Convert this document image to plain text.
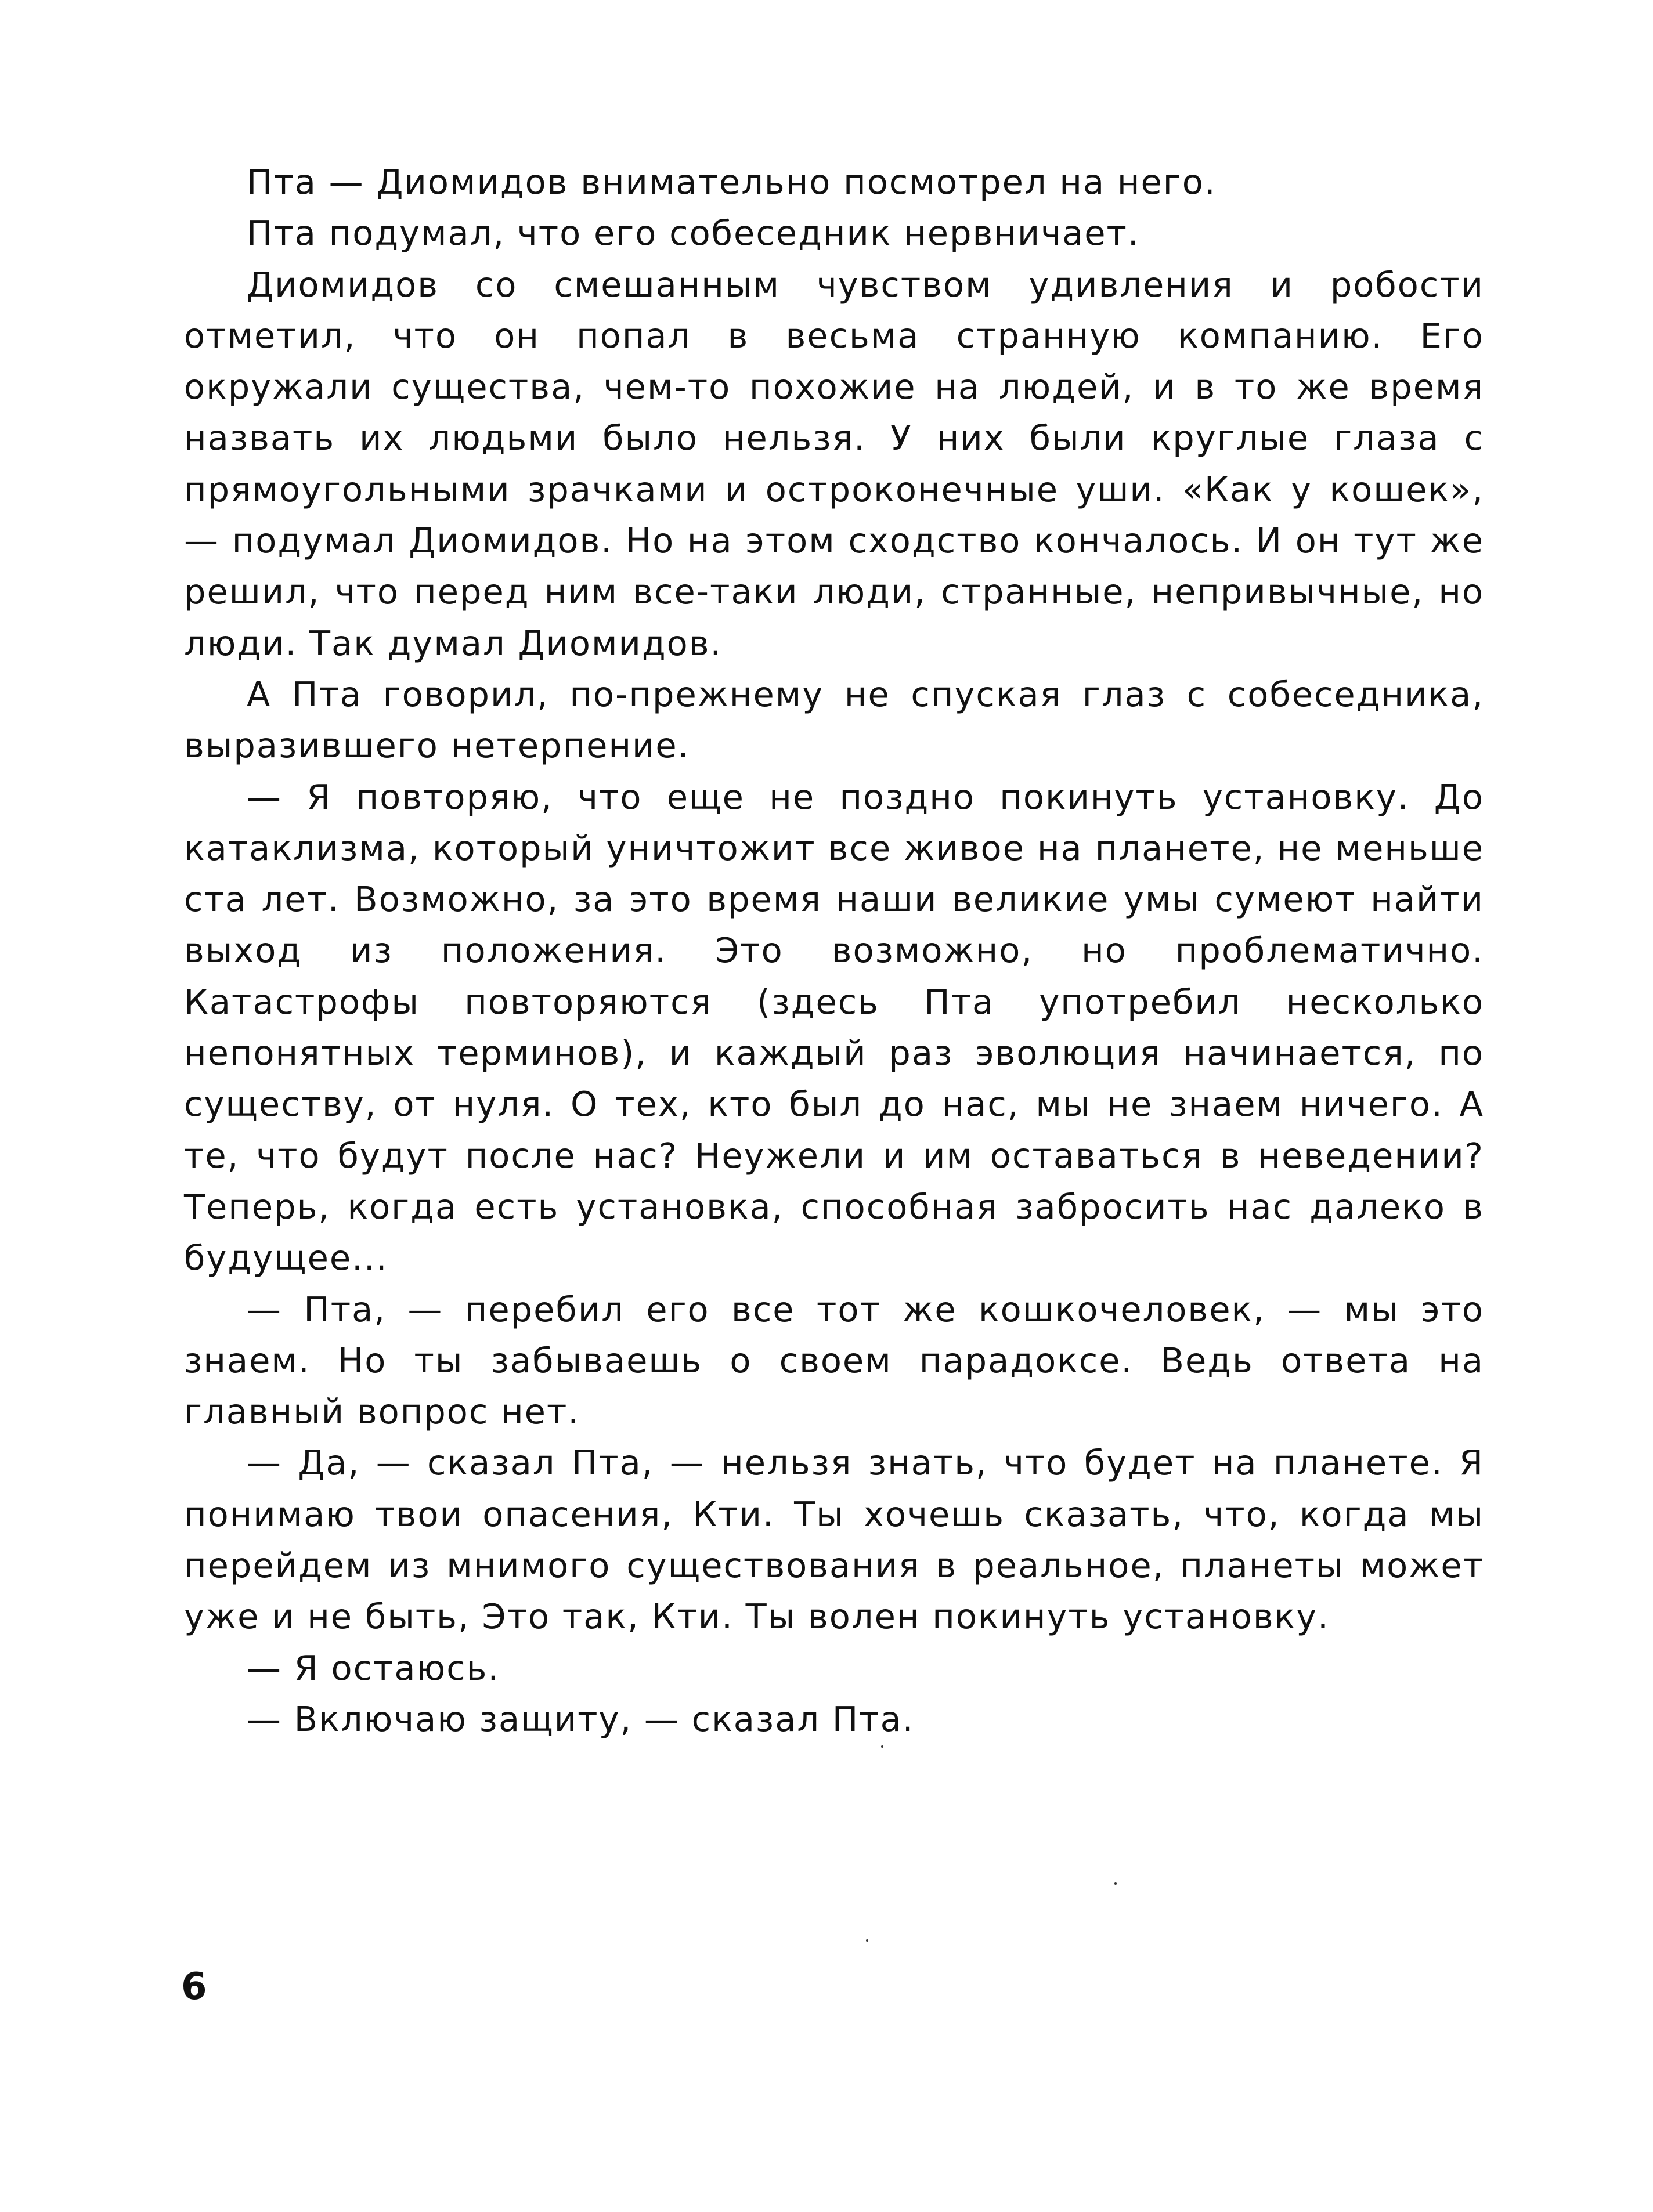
Пта — Диомидов внимательно посмотрел на него.

Пта подумал, что его собеседник нервничает.

Диомидов со смешанным чувством удивления и робости отметил, что он попал в весьма странную компанию. Его окружали существа, чем-то похожие на людей, и в то же время назвать их людьми было нельзя. У них были круглые глаза с прямоугольными зрачками и остроконечные уши. «Как у кошек», — подумал Диомидов. Но на этом сходство кончалось. И он тут же решил, что перед ним все-таки люди, странные, непривычные, но люди. Так думал Диомидов.

А Пта говорил, по-прежнему не спуская глаз с собеседника, выразившего нетерпение.

— Я повторяю, что еще не поздно покинуть установку. До катаклизма, который уничтожит все живое на планете, не меньше ста лет. Возможно, за это время наши великие умы сумеют найти выход из положения. Это возможно, но проблематично. Катастрофы повторяются (здесь Пта употребил несколько непонятных терминов), и каждый раз эволюция начинается, по существу, от нуля. О тех, кто был до нас, мы не знаем ничего. А те, что будут после нас? Неужели и им оставаться в неведении? Теперь, когда есть установка, способная забросить нас далеко в будущее...

— Пта, — перебил его все тот же кошкочеловек, — мы это знаем. Но ты забываешь о своем парадоксе. Ведь ответа на главный вопрос нет.

— Да, — сказал Пта, — нельзя знать, что будет на планете. Я понимаю твои опасения, Кти. Ты хочешь сказать, что, когда мы перейдем из мнимого существования в реальное, планеты может уже и не быть, Это так, Кти. Ты волен покинуть установку.

— Я остаюсь.

— Включаю защиту, — сказал Пта.

6
